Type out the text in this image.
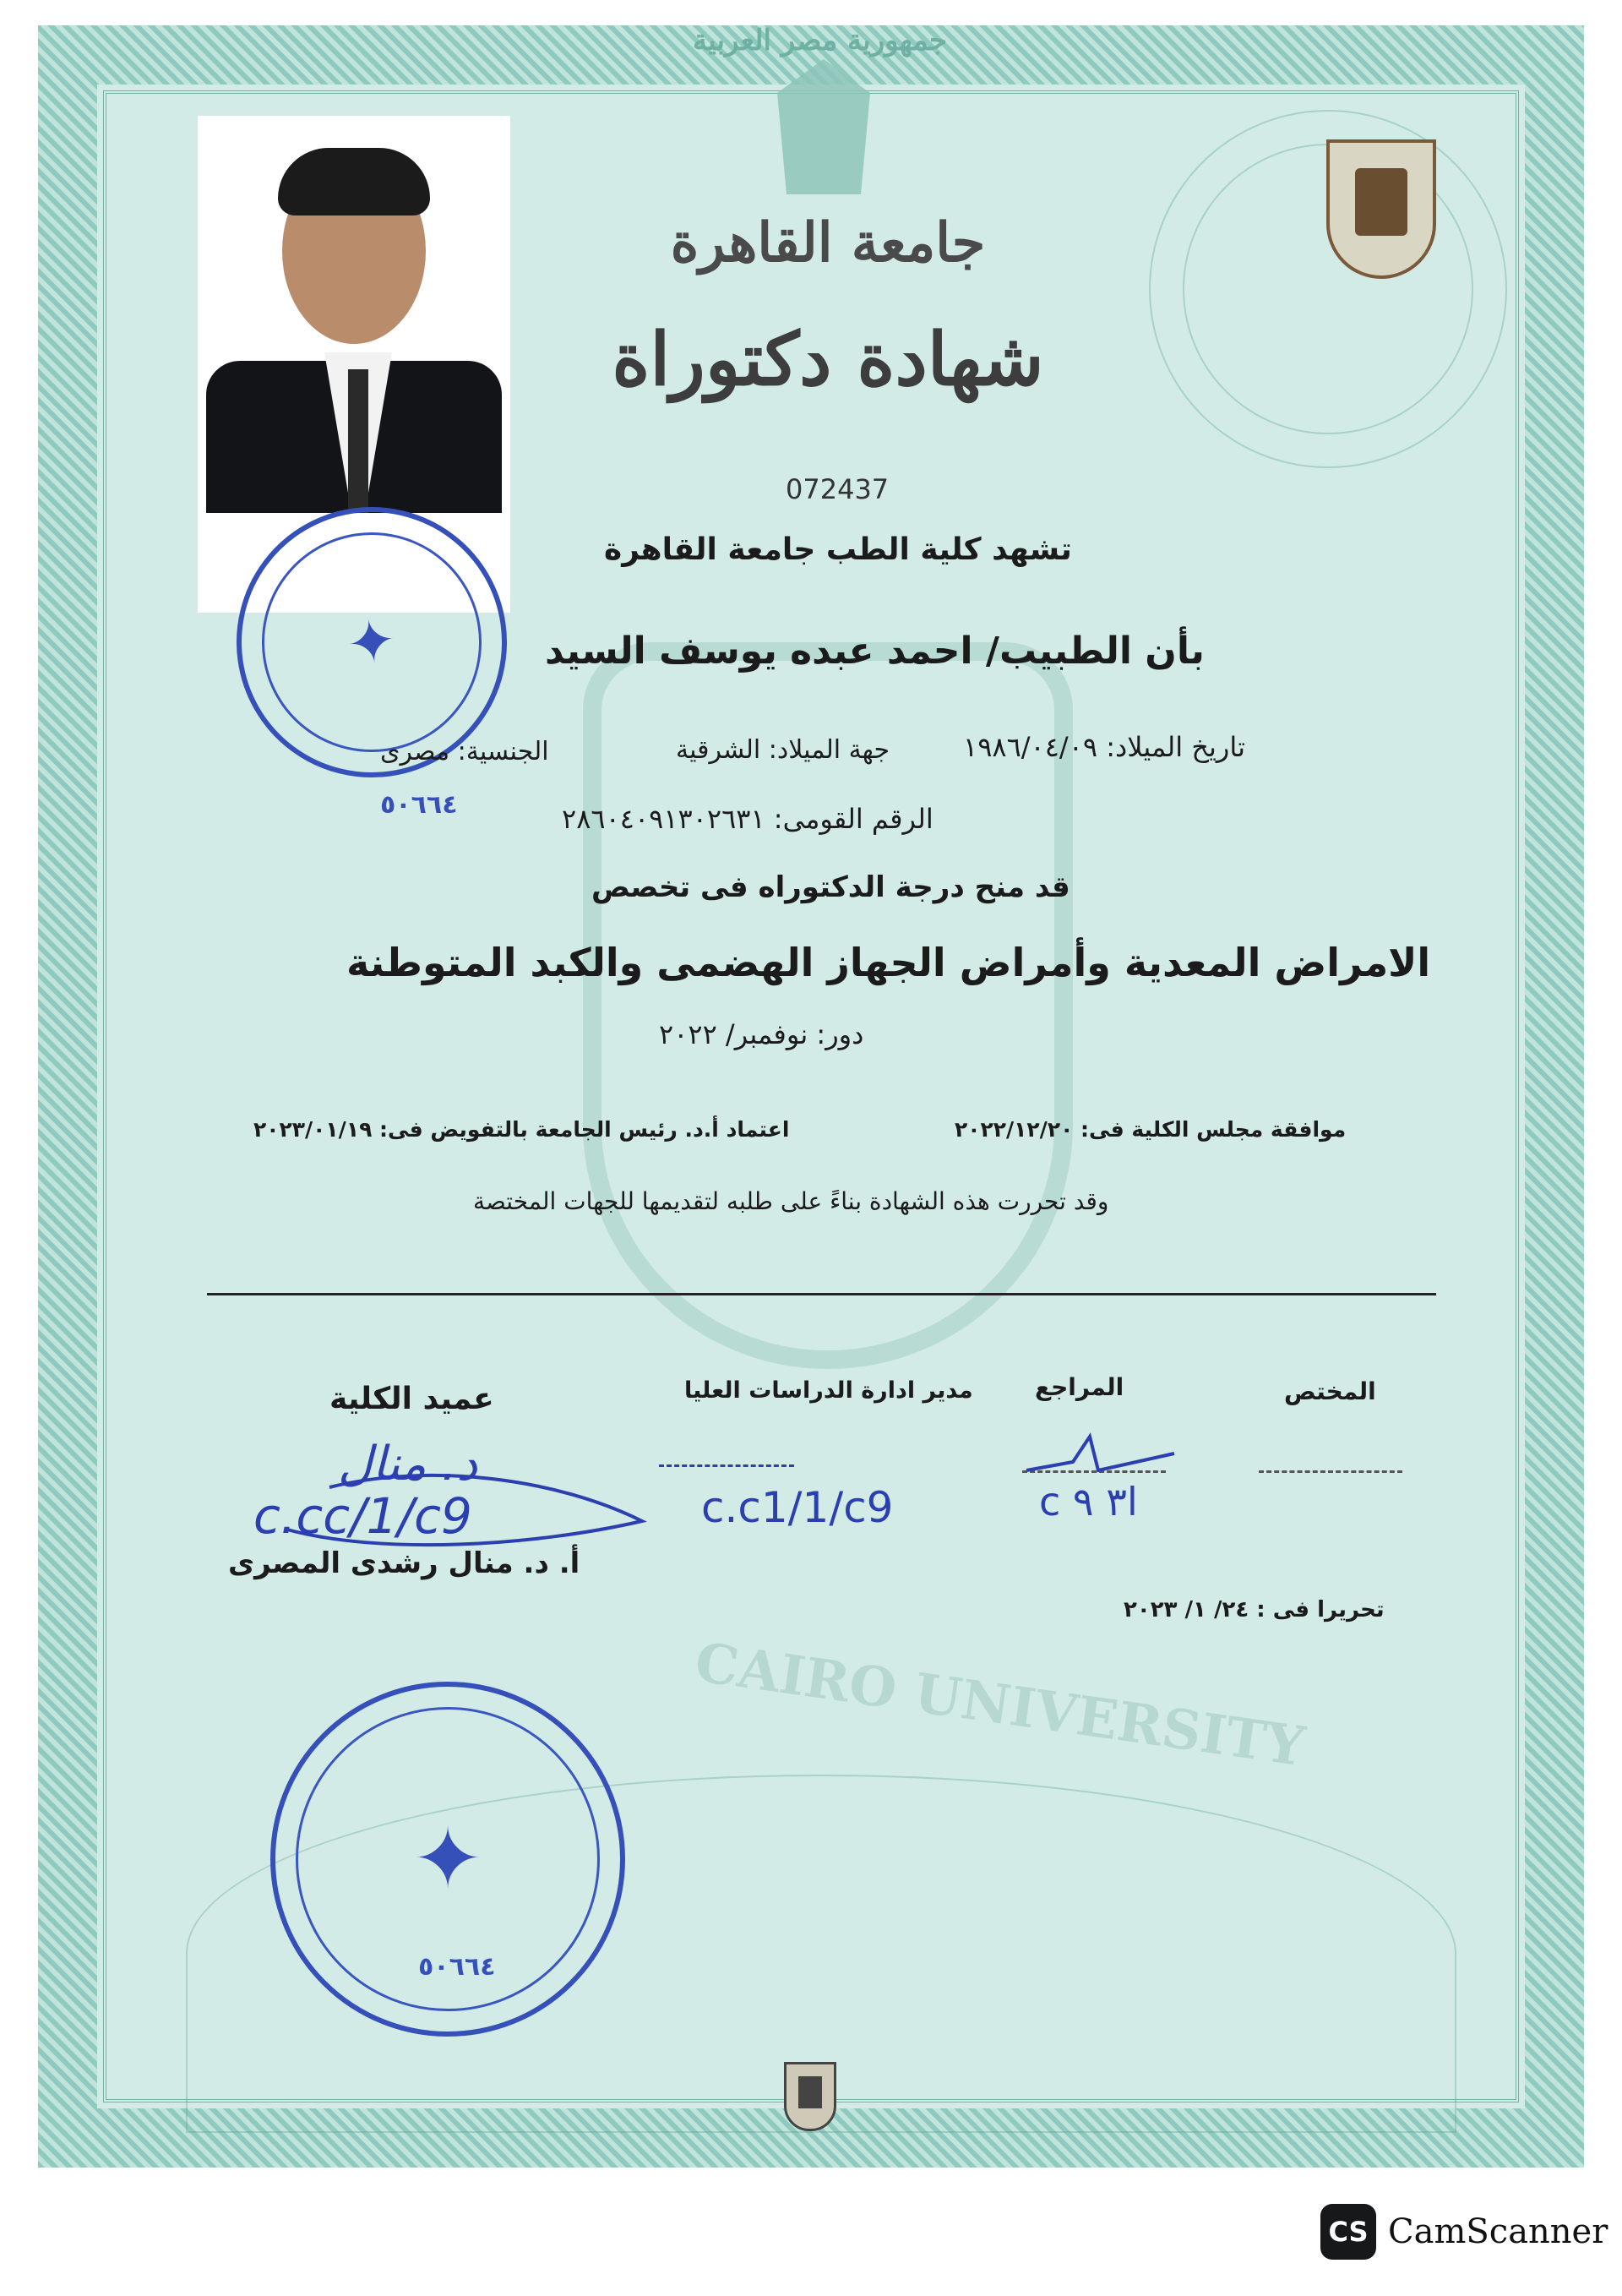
CAIRO UNIVERSITY
جمهورية مصر العربية
✦
٥٠٦٦٤
جامعة القاهرة
شهادة دكتوراة
072437
تشهد كلية الطب جامعة القاهرة
بأن الطبيب/ احمد عبده يوسف السيد
تاريخ الميلاد: ١٩٨٦/٠٤/٠٩
جهة الميلاد: الشرقية
الجنسية: مصرى
الرقم القومى: ٢٨٦٠٤٠٩١٣٠٢٦٣١
قد منح درجة الدكتوراه فى تخصص
الامراض المعدية وأمراض الجهاز الهضمى والكبد المتوطنة
دور: نوفمبر/ ٢٠٢٢
موافقة مجلس الكلية فى: ٢٠٢٢/١٢/٢٠
اعتماد أ.د. رئيس الجامعة بالتفويض فى: ٢٠٢٣/٠١/١٩
وقد تحررت هذه الشهادة بناءً على طلبه لتقديمها للجهات المختصة
عميد الكلية	مدير ادارة الدراسات العليا	المراجع	المختص
د. منال
c.cc/1/c9	c.c1/1/c9	c ا٣ ٩
أ. د. منال رشدى المصرى
تحريرا فى : ٢٤/ ١/ ٢٠٢٣
✦
٥٠٦٦٤
CS CamScanner
